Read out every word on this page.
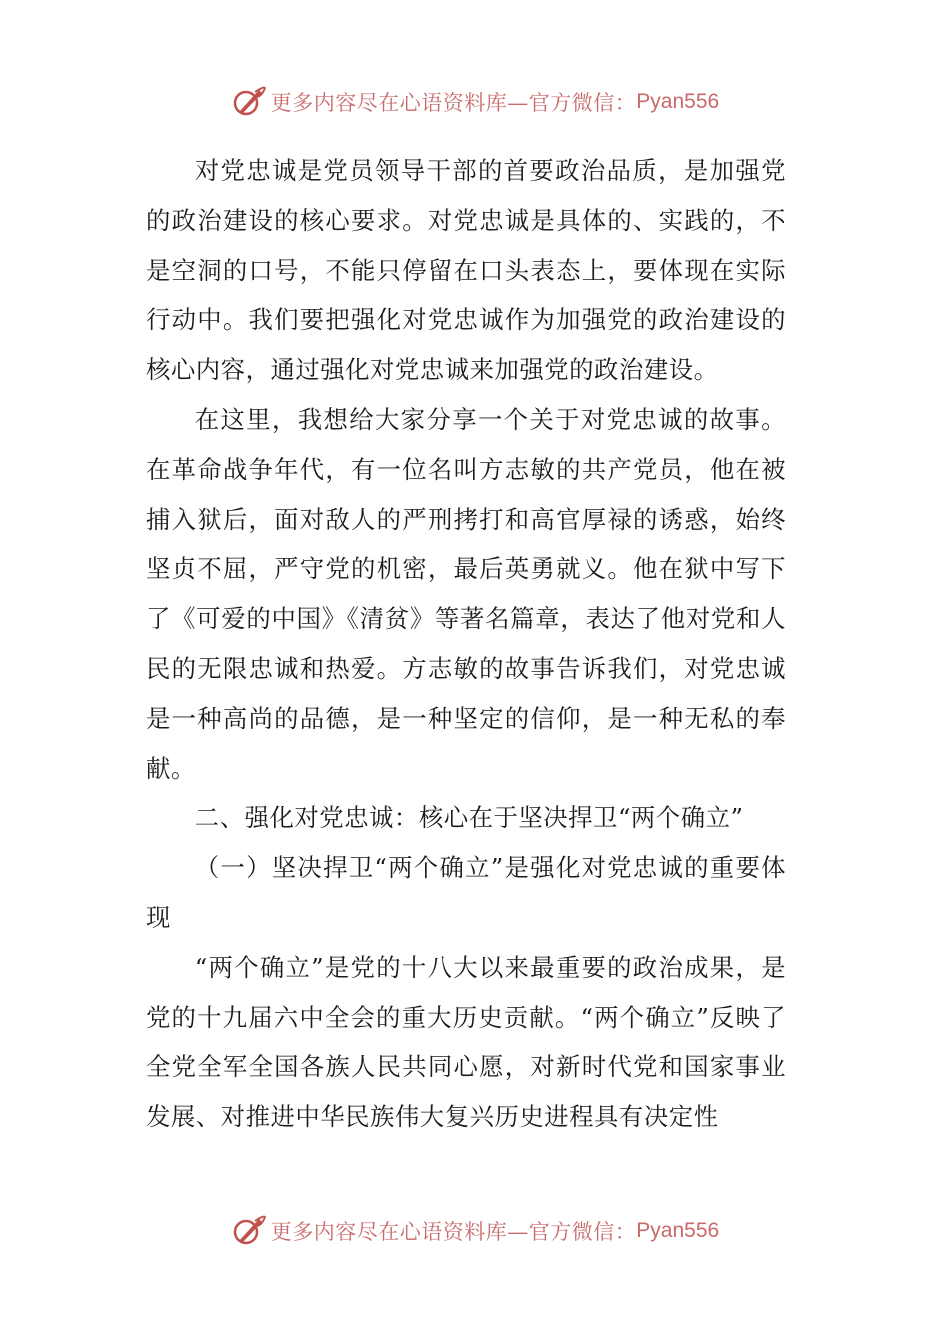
更多内容尽在心语资料库—官方微信： Pyan556

对党忠诚是党员领导干部的首要政治品质，是加强党的政治建设的核心要求。对党忠诚是具体的、实践的，不是空洞的口号，不能只停留在口头表态上，要体现在实际行动中。我们要把强化对党忠诚作为加强党的政治建设的核心内容，通过强化对党忠诚来加强党的政治建设。

在这里，我想给大家分享一个关于对党忠诚的故事。在革命战争年代，有一位名叫方志敏的共产党员，他在被捕入狱后，面对敌人的严刑拷打和高官厚禄的诱惑，始终坚贞不屈，严守党的机密，最后英勇就义。他在狱中写下了《可爱的中国》《清贫》等著名篇章，表达了他对党和人民的无限忠诚和热爱。方志敏的故事告诉我们，对党忠诚是一种高尚的品德，是一种坚定的信仰，是一种无私的奉献。

二、强化对党忠诚：核心在于坚决捍卫“两个确立”

（一）坚决捍卫“两个确立”是强化对党忠诚的重要体现

“两个确立”是党的十八大以来最重要的政治成果，是党的十九届六中全会的重大历史贡献。“两个确立”反映了全党全军全国各族人民共同心愿，对新时代党和国家事业发展、对推进中华民族伟大复兴历史进程具有决定性

更多内容尽在心语资料库—官方微信： Pyan556
